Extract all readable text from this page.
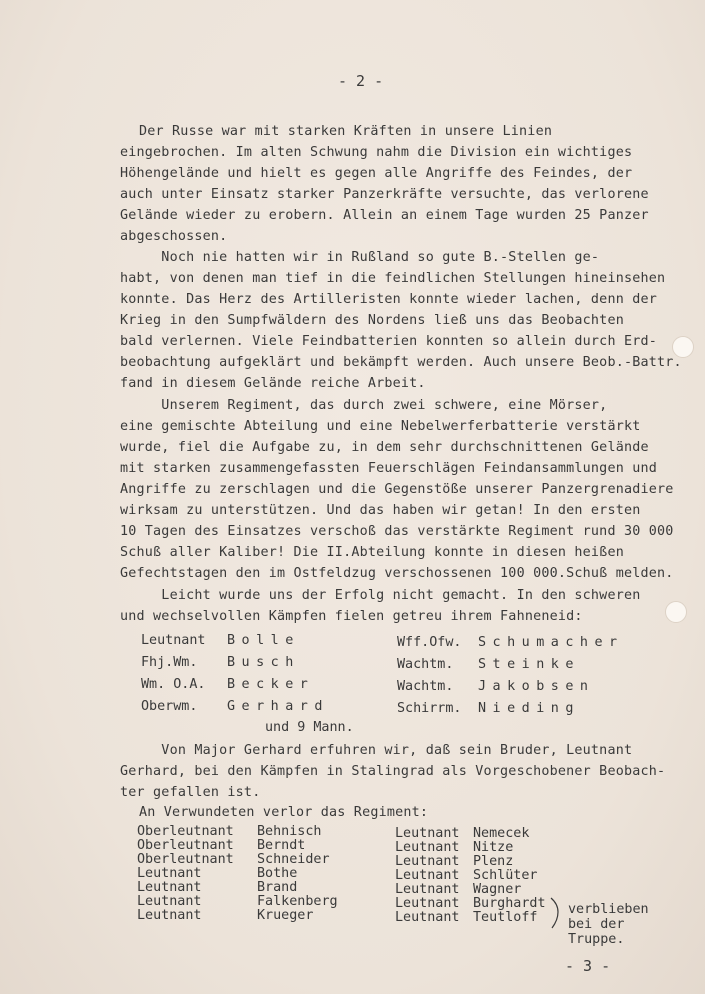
- 2 -
Der Russe war mit starken Kräften in unsere Linien
eingebrochen. Im alten Schwung nahm die Division ein wichtiges
Höhengelände und hielt es gegen alle Angriffe des Feindes, der
auch unter Einsatz starker Panzerkräfte versuchte, das verlorene
Gelände wieder zu erobern. Allein an einem Tage wurden 25 Panzer
abgeschossen.
Noch nie hatten wir in Rußland so gute B.-Stellen ge-
habt, von denen man tief in die feindlichen Stellungen hineinsehen
konnte. Das Herz des Artilleristen konnte wieder lachen, denn der
Krieg in den Sumpfwäldern des Nordens ließ uns das Beobachten
bald verlernen. Viele Feindbatterien konnten so allein durch Erd-
beobachtung aufgeklärt und bekämpft werden. Auch unsere Beob.-Battr.
fand in diesem Gelände reiche Arbeit.
Unserem Regiment, das durch zwei schwere, eine Mörser,
eine gemischte Abteilung und eine Nebelwerferbatterie verstärkt
wurde, fiel die Aufgabe zu, in dem sehr durchschnittenen Gelände
mit starken zusammengefassten Feuerschlägen Feindansammlungen und
Angriffe zu zerschlagen und die Gegenstöße unserer Panzergrenadiere
wirksam zu unterstützen. Und das haben wir getan! In den ersten
10 Tagen des Einsatzes verschoß das verstärkte Regiment rund 30 000
Schuß aller Kaliber! Die II.Abteilung konnte in diesen heißen
Gefechtstagen den im Ostfeldzug verschossenen 100 000.Schuß melden.
Leicht wurde uns der Erfolg nicht gemacht. In den schweren
und wechselvollen Kämpfen fielen getreu ihrem Fahneneid:
Leutnant Bolle
Fhj.Wm. Busch
Wm. O.A. Becker
Oberwm. Gerhard
Wff.Ofw. Schumacher
Wachtm. Steinke
Wachtm. Jakobsen
Schirrm. Nieding
und 9 Mann.
Von Major Gerhard erfuhren wir, daß sein Bruder, Leutnant
Gerhard, bei den Kämpfen in Stalingrad als Vorgeschobener Beobach-
ter gefallen ist.
An Verwundeten verlor das Regiment:
Oberleutnant Behnisch
Oberleutnant Berndt
Oberleutnant Schneider
Leutnant	Bothe
Leutnant	Brand
Leutnant	Falkenberg
Leutnant	Krueger
Leutnant Nemecek
Leutnant Nitze
Leutnant Plenz
Leutnant Schlüter
Leutnant Wagner
Leutnant Burghardt
Leutnant Teutloff
verblieben
bei der
Truppe.
- 3 -
